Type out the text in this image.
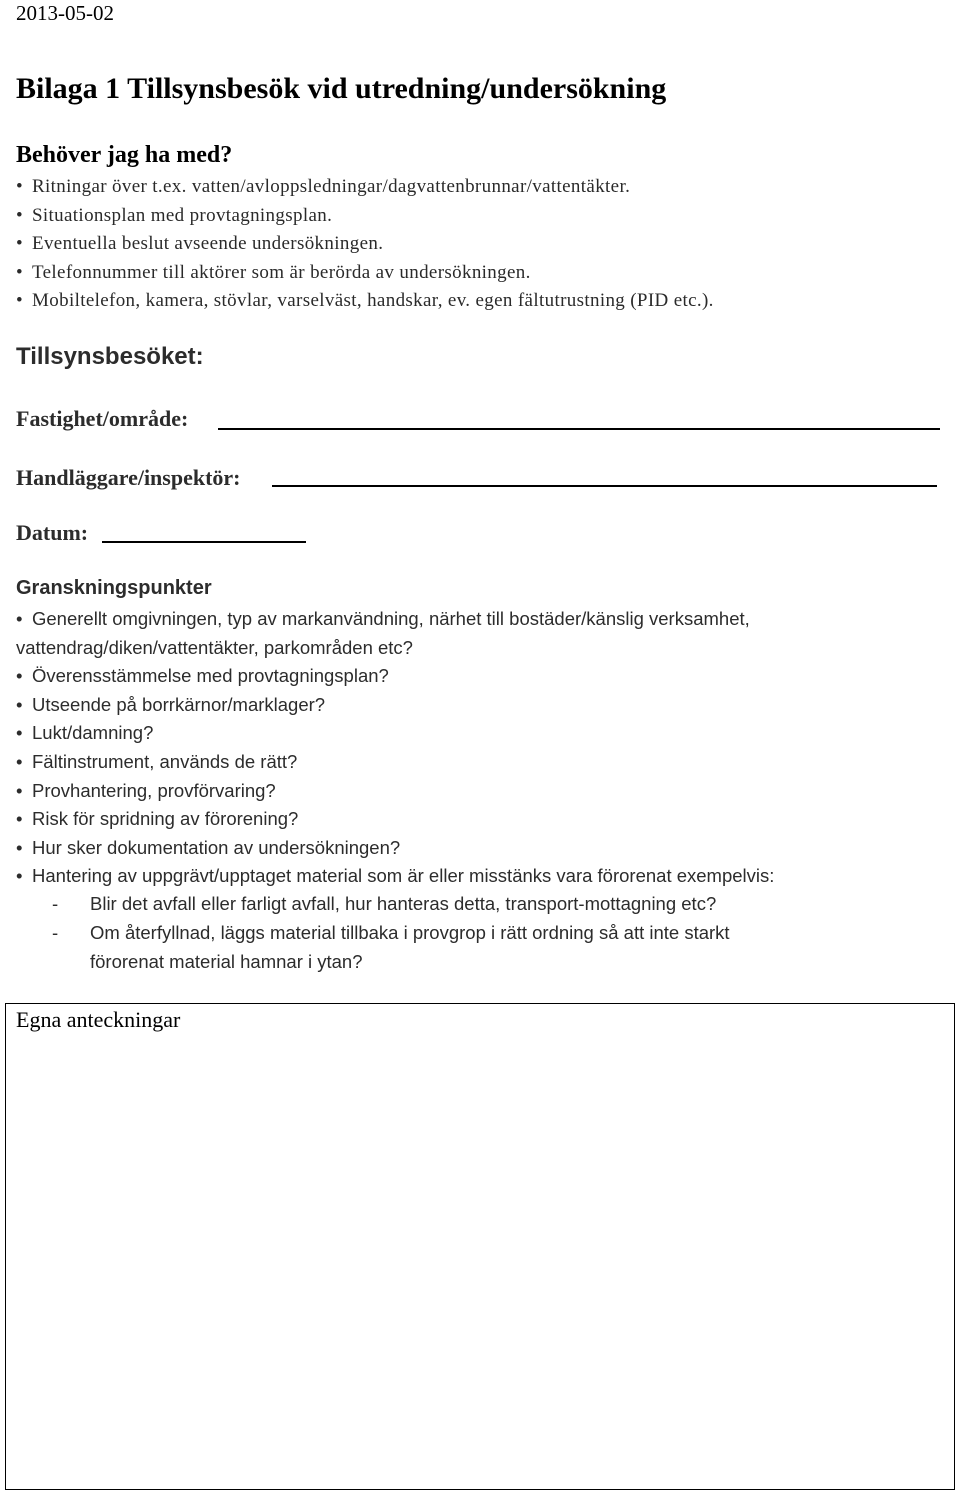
2013-05-02
Bilaga 1 Tillsynsbesök vid utredning/undersökning
Behöver jag ha med?
• Ritningar över t.ex. vatten/avloppsledningar/dagvattenbrunnar/vattentäkter.
• Situationsplan med provtagningsplan.
• Eventuella beslut avseende undersökningen.
• Telefonnummer till aktörer som är berörda av undersökningen.
• Mobiltelefon, kamera, stövlar, varselväst, handskar, ev. egen fältutrustning (PID etc.).
Tillsynsbesöket:
Fastighet/område:
Handläggare/inspektör:
Datum:
Granskningspunkter
• Generellt omgivningen, typ av markanvändning, närhet till bostäder/känslig verksamhet,
vattendrag/diken/vattentäkter, parkområden etc?
• Överensstämmelse med provtagningsplan?
• Utseende på borrkärnor/marklager?
• Lukt/damning?
• Fältinstrument, används de rätt?
• Provhantering, provförvaring?
• Risk för spridning av förorening?
• Hur sker dokumentation av undersökningen?
• Hantering av uppgrävt/upptaget material som är eller misstänks vara förorenat exempelvis:
- Blir det avfall eller farligt avfall, hur hanteras detta, transport-mottagning etc?
- Om återfyllnad, läggs material tillbaka i provgrop i rätt ordning så att inte starkt
förorenat material hamnar i ytan?
Egna anteckningar
